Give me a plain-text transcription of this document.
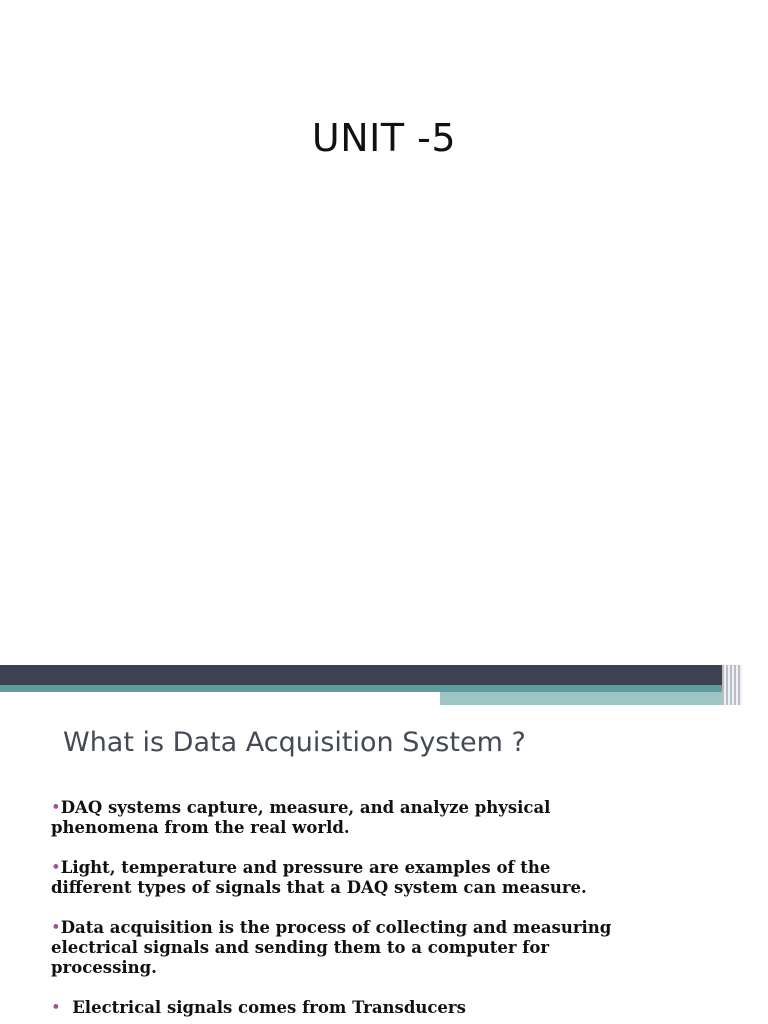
UNIT -5
What is Data Acquisition System ?
•DAQ systems capture, measure, and analyze physical
phenomena from the real world.
•Light, temperature and pressure are examples of the
different types of signals that a DAQ system can measure.
•Data acquisition is the process of collecting and measuring
electrical signals and sending them to a computer for
processing.
•  Electrical signals comes from Transducers
